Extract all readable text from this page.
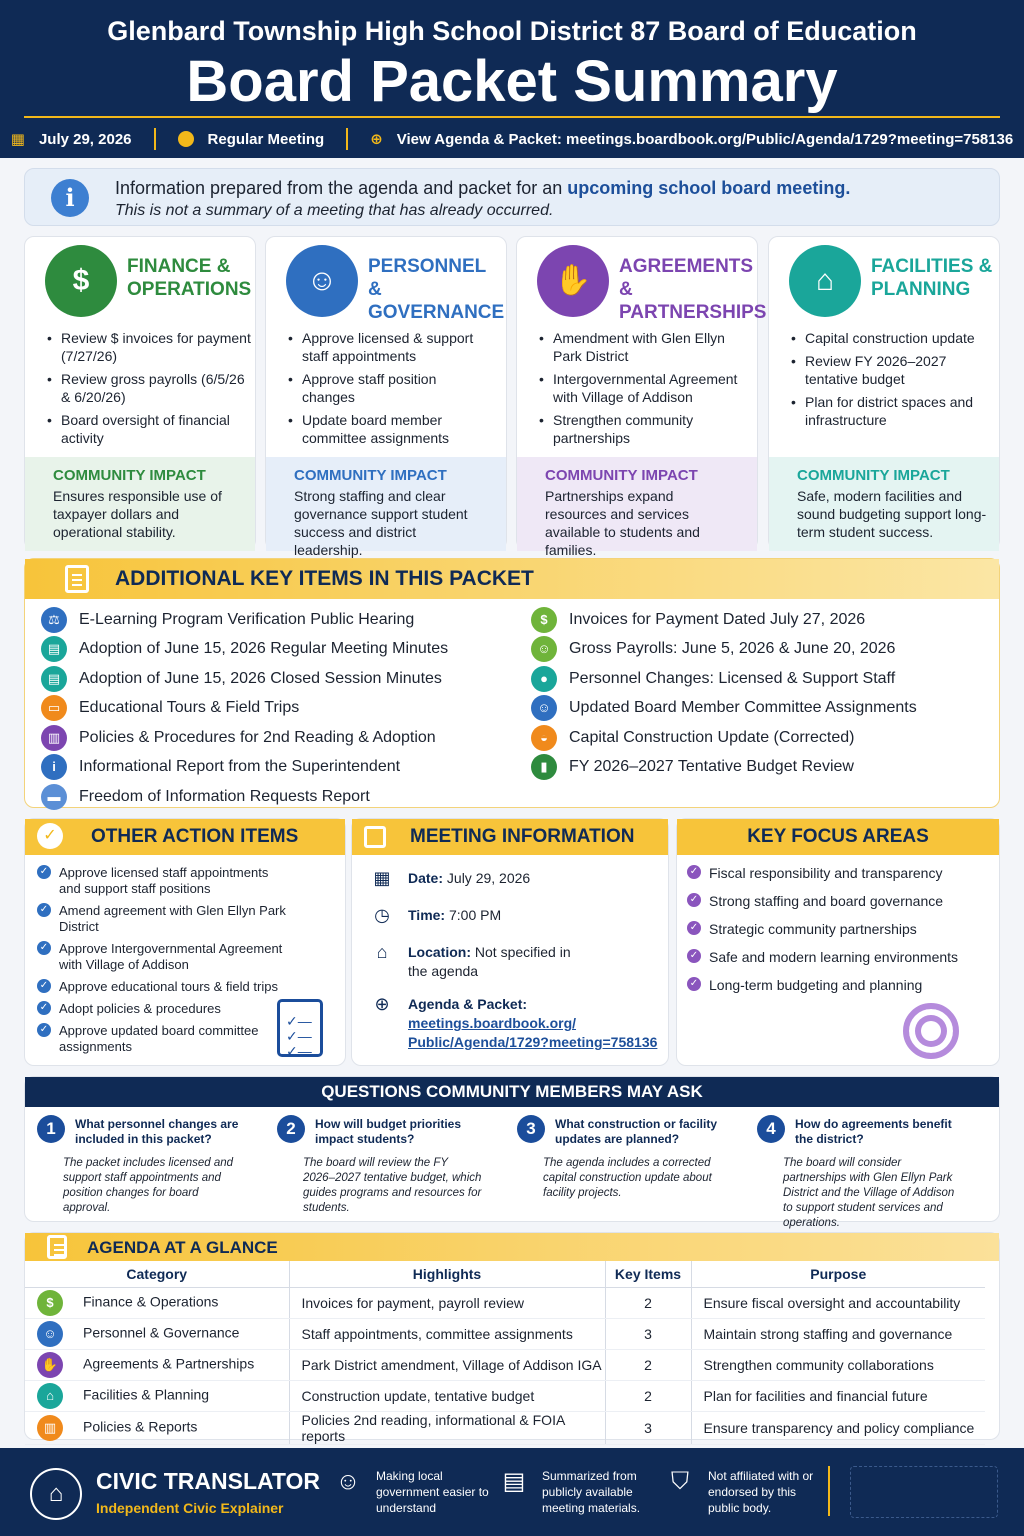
Glenbard Township High School District 87 Board of Education
Board Packet Summary
▦ July 29, 2026	Regular Meeting	⊕ View Agenda & Packet: meetings.boardbook.org/Public/Agenda/1729?meeting=758136
i	Information prepared from the agenda and packet for an upcoming school board meeting.
This is not a summary of a meeting that has already occurred.
$	FINANCE & OPERATIONS
• Review $ invoices for payment (7/27/26)
• Review gross payrolls (6/5/26 & 6/20/26)
• Board oversight of financial activity
COMMUNITY IMPACT
Ensures responsible use of taxpayer dollars and operational stability.
☺	PERSONNEL & GOVERNANCE
• Approve licensed & support staff appointments
• Approve staff position changes
• Update board member committee assignments
COMMUNITY IMPACT
Strong staffing and clear governance support student success and district leadership.
✋	AGREEMENTS & PARTNERSHIPS
• Amendment with Glen Ellyn Park District
• Intergovernmental Agreement with Village of Addison
• Strengthen community partnerships
COMMUNITY IMPACT
Partnerships expand resources and services available to students and families.
⌂	FACILITIES & PLANNING
• Capital construction update
• Review FY 2026–2027 tentative budget
• Plan for district spaces and infrastructure
COMMUNITY IMPACT
Safe, modern facilities and sound budgeting support long-term student success.
ADDITIONAL KEY ITEMS IN THIS PACKET
⚖	E-Learning Program Verification Public Hearing
▤	Adoption of June 15, 2026 Regular Meeting Minutes
▤	Adoption of June 15, 2026 Closed Session Minutes
▭	Educational Tours & Field Trips
▥	Policies & Procedures for 2nd Reading & Adoption
i	Informational Report from the Superintendent
▬	Freedom of Information Requests Report
$	Invoices for Payment Dated July 27, 2026
☺	Gross Payrolls: June 5, 2026 & June 20, 2026
●	Personnel Changes: Licensed & Support Staff
☺	Updated Board Member Committee Assignments
◒	Capital Construction Update (Corrected)
▮	FY 2026–2027 Tentative Budget Review
✓	OTHER ACTION ITEMS
✓ Approve licensed staff appointments and support staff positions
✓ Amend agreement with Glen Ellyn Park District
✓ Approve Intergovernmental Agreement with Village of Addison
✓ Approve educational tours & field trips
✓ Adopt policies & procedures
✓ Approve updated board committee assignments
✓—
✓—
✓—
MEETING INFORMATION
▦ Date: July 29, 2026
◷ Time: 7:00 PM
⌂	Location: Not specified in the agenda
⊕	Agenda & Packet:
meetings.boardbook.org/ Public/Agenda/1729?meeting=758136
KEY FOCUS AREAS
✓ Fiscal responsibility and transparency
✓ Strong staffing and board governance
✓ Strategic community partnerships
✓ Safe and modern learning environments
✓ Long-term budgeting and planning
QUESTIONS COMMUNITY MEMBERS MAY ASK
1	What personnel changes are included in this packet?
The packet includes licensed and support staff appointments and position changes for board approval.
2	How will budget priorities impact students?
The board will review the FY 2026–2027 tentative budget, which guides programs and resources for students.
3	What construction or facility updates are planned?
The agenda includes a corrected capital construction update about facility projects.
4	How do agreements benefit the district?
The board will consider partnerships with Glen Ellyn Park District and the Village of Addison to support student services and operations.
AGENDA AT A GLANCE
Category	Highlights	Key Items	Purpose
$ Finance & Operations	Invoices for payment, payroll review	2	Ensure fiscal oversight and accountability
☺ Personnel & Governance	Staff appointments, committee assignments	3	Maintain strong staffing and governance
✋ Agreements & Partnerships	Park District amendment, Village of Addison IGA	2	Strengthen community collaborations
⌂ Facilities & Planning	Construction update, tentative budget	2	Plan for facilities and financial future
▥ Policies & Reports	Policies 2nd reading, informational & FOIA reports	3	Ensure transparency and policy compliance
⌂	CIVIC TRANSLATOR
Independent Civic Explainer
☺	Making local government easier to understand
▤	Summarized from publicly available meeting materials.
⛉	Not affiliated with or endorsed by this public body.
